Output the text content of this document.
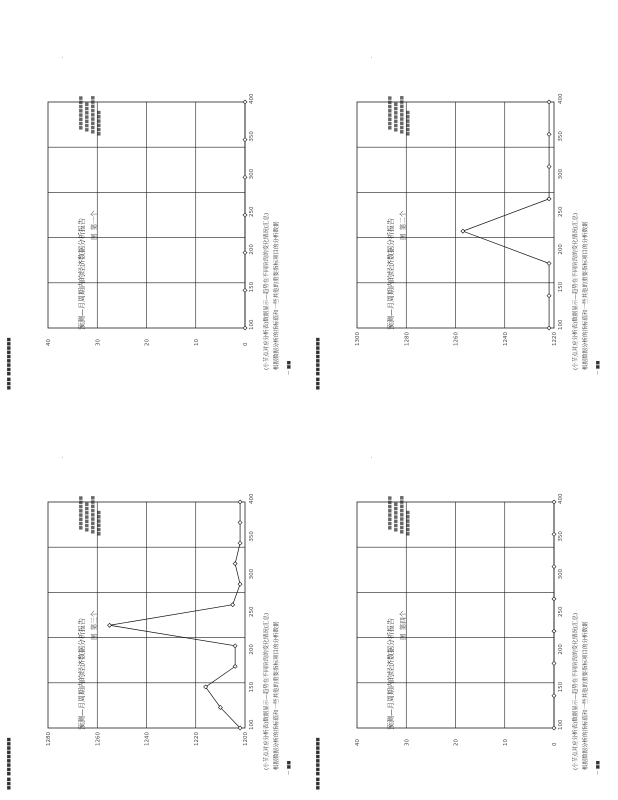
·
预测—月周期内的经济数据分析报告 图_第一个	(小节点对应分析表)数据显示—趋势在不同阶段的变化情况(汇总) 根据数据分析的指标值和一些其他的重要指标项目的分析数据
■■■■■■■■ ■■■■■■■ ■■■■■■■■■ ■■■■■■
0
10
20
30
40
100
150
200
250
300
350
400
— ■■
■■■ ■■■■■■■■■
·
预测—月周期内的经济数据分析报告 图_第二个	(小节点对应分析表)数据显示—趋势在不同阶段的变化情况(汇总) 根据数据分析的指标值和一些其他的重要指标项目的分析数据
■■■■■■■■ ■■■■■■■ ■■■■■■■■■ ■■■■■■
1220
1240
1260
1280
1300
100
150
200
250
300
350
400
— ■■
■■■ ■■■■■■■■■
·
预测—月周期内的经济数据分析报告 图_第三个	(小节点对应分析表)数据显示—趋势在不同阶段的变化情况(汇总) 根据数据分析的指标值和一些其他的重要指标项目的分析数据
■■■■■■■■ ■■■■■■■ ■■■■■■■■■ ■■■■■■
1200
1220
1240
1260
1280
100
150
200
250
300
350
400
— ■■
■■■ ■■■■■■■■■
·
预测—月周期内的经济数据分析报告 图_第四个	(小节点对应分析表)数据显示—趋势在不同阶段的变化情况(汇总) 根据数据分析的指标值和一些其他的重要指标项目的分析数据
■■■■■■■■ ■■■■■■■ ■■■■■■■■■ ■■■■■■
0
10
20
30
40
100
150
200
250
300
350
400
— ■■
■■■ ■■■■■■■■■
